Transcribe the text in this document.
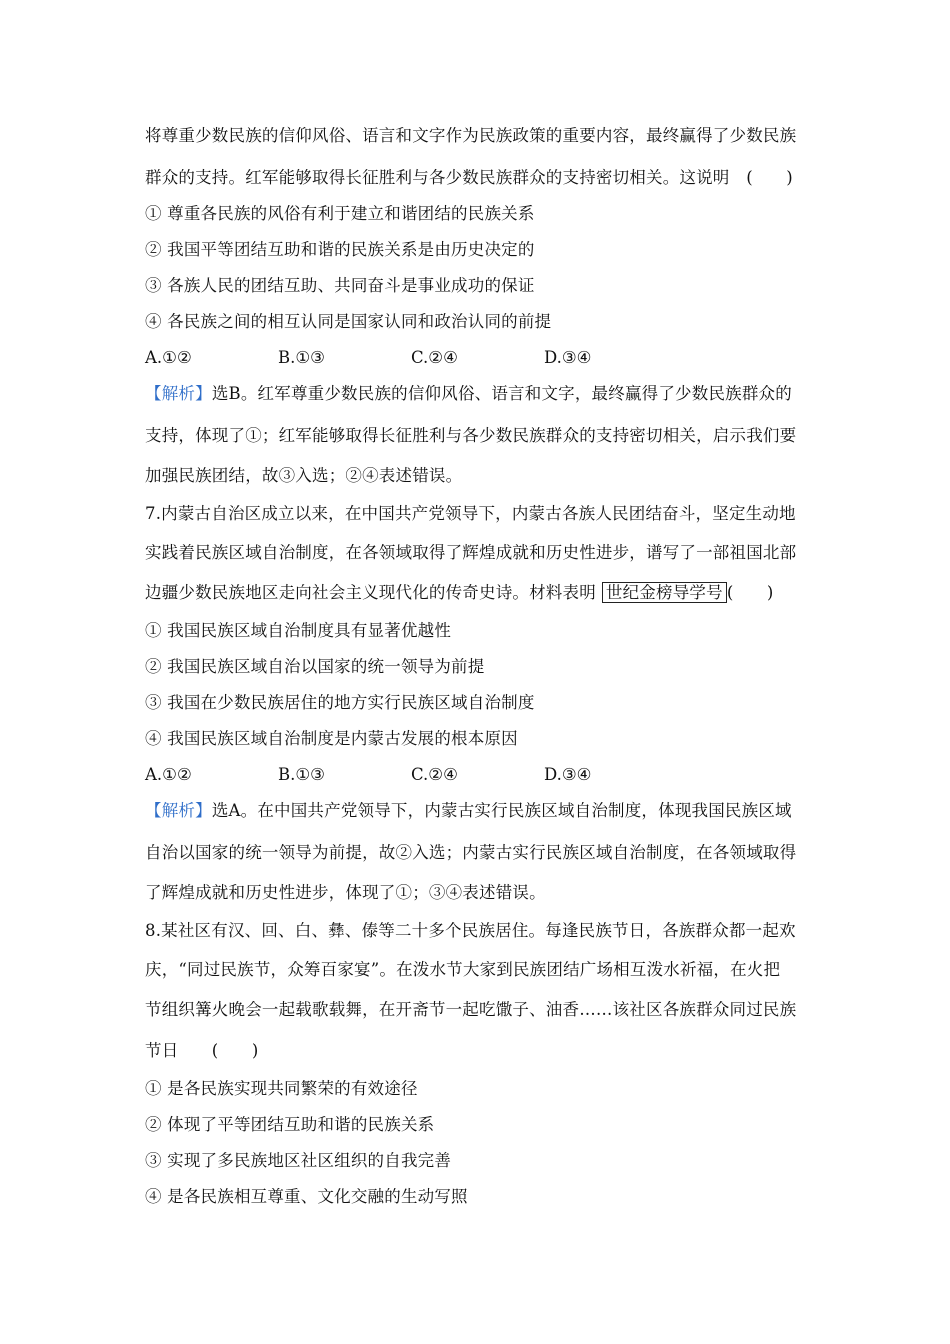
将尊重少数民族的信仰风俗、语言和文字作为民族政策的重要内容，最终赢得了少数民族
群众的支持。红军能够取得长征胜利与各少数民族群众的支持密切相关。这说明　(　　)
① 尊重各民族的风俗有利于建立和谐团结的民族关系
② 我国平等团结互助和谐的民族关系是由历史决定的
③ 各族人民的团结互助、共同奋斗是事业成功的保证
④ 各民族之间的相互认同是国家认同和政治认同的前提
A.①②	B.①③	C.②④	D.③④
【解析】选B。红军尊重少数民族的信仰风俗、语言和文字，最终赢得了少数民族群众的
支持，体现了①；红军能够取得长征胜利与各少数民族群众的支持密切相关，启示我们要
加强民族团结，故③入选；②④表述错误。
7.内蒙古自治区成立以来，在中国共产党领导下，内蒙古各族人民团结奋斗，坚定生动地
实践着民族区域自治制度，在各领域取得了辉煌成就和历史性进步，谱写了一部祖国北部
边疆少数民族地区走向社会主义现代化的传奇史诗。材料表明 世纪金榜导学号 (　　)
① 我国民族区域自治制度具有显著优越性
② 我国民族区域自治以国家的统一领导为前提
③ 我国在少数民族居住的地方实行民族区域自治制度
④ 我国民族区域自治制度是内蒙古发展的根本原因
A.①②	B.①③	C.②④	D.③④
【解析】选A。在中国共产党领导下，内蒙古实行民族区域自治制度，体现我国民族区域
自治以国家的统一领导为前提，故②入选；内蒙古实行民族区域自治制度，在各领域取得
了辉煌成就和历史性进步，体现了①；③④表述错误。
8.某社区有汉、回、白、彝、傣等二十多个民族居住。每逢民族节日，各族群众都一起欢
庆，“同过民族节，众筹百家宴”。在泼水节大家到民族团结广场相互泼水祈福，在火把
节组织篝火晚会一起载歌载舞，在开斋节一起吃馓子、油香……该社区各族群众同过民族
节日　　(　　)
① 是各民族实现共同繁荣的有效途径
② 体现了平等团结互助和谐的民族关系
③ 实现了多民族地区社区组织的自我完善
④ 是各民族相互尊重、文化交融的生动写照
